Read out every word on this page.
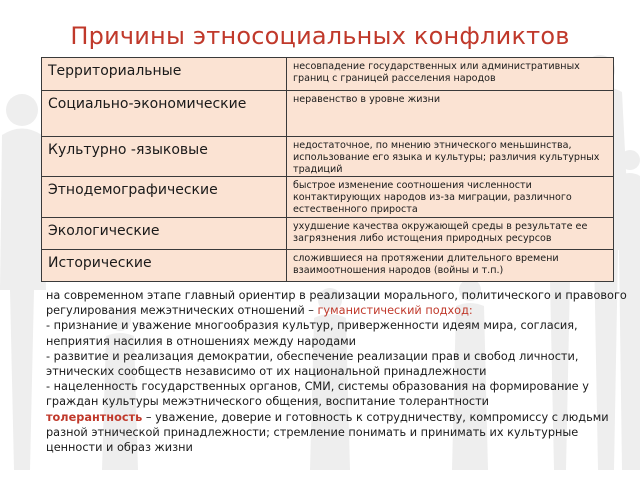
Причины этносоциальных конфликтов
Территориальные	несовпадение государственных или административных границ с границей расселения народов
Социально-экономические	неравенство в уровне жизни
Культурно -языковые	недостаточное, по мнению этнического меньшинства, использование его языка и культуры; различия культурных традиций
Этнодемографические	быстрое изменение соотношения численности контактирующих народов из-за миграции, различного естественного прироста
Экологические	ухудшение качества окружающей среды в результате ее загрязнения либо истощения природных ресурсов
Исторические	сложившиеся на протяжении длительного времени взаимоотношения народов (войны и т.п.)
на современном этапе главный ориентир в реализации морального, политического и правового регулирования межэтнических отношений – гуманистический подход:
- признание и уважение многообразия культур, приверженности идеям мира, согласия, неприятия насилия в отношениях между народами
- развитие и реализация демократии, обеспечение реализации прав и свобод личности, этнических сообществ независимо от их национальной принадлежности
- нацеленность государственных органов, СМИ, системы образования на формирование у граждан культуры межэтнического общения, воспитание толерантности
толерантность – уважение, доверие и готовность к сотрудничеству, компромиссу с людьми разной этнической принадлежности; стремление понимать и принимать их культурные ценности и образ жизни
